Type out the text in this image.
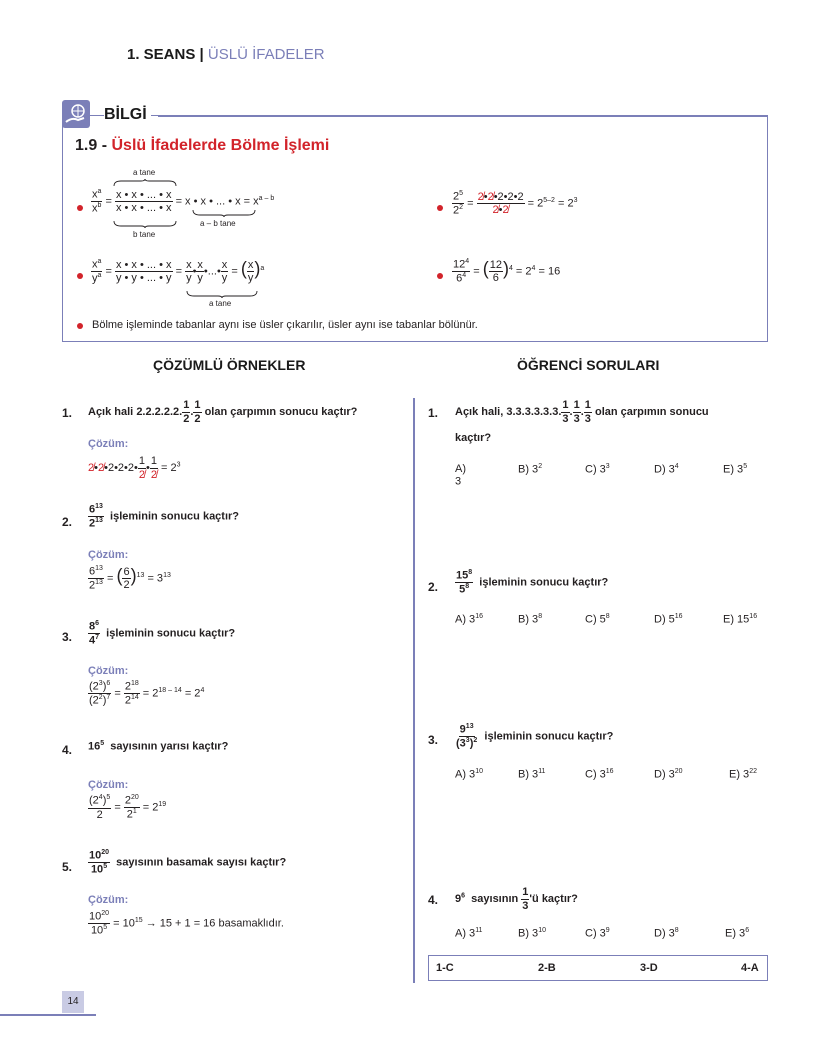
1. SEANS | ÜSLÜ İFADELER
BİLGİ
1.9 - Üslü İfadelerde Bölme İşlemi
a tane
$\frac{x^a}{x^b} = \frac{x • x • ... • x}{x • x • ... • x} = x$ • x • ... • $x = x^{a - b}$
a – b tane
b tane
$\frac{2^5}{2^2} = \frac{2̸•2̸•2•2•2}{2̸•2̸} = 2^{5-2} = 2^3$
$\frac{x^a}{y^a} = \frac{x • x • ... • x}{y • y • ... • y} = \frac{x}{y}$ • $\frac{x}{y}$ •...• $\frac{x}{y}$ = ( $\frac{x}{y} )^a$
a tane
$\frac{12^4}{6^4}$ = ( $\frac{12}{6} )^4 = 2^4 = 16$
Bölme işleminde tabanlar aynı ise üsler çıkarılır, üsler aynı ise tabanlar bölünür.
ÇÖZÜMLÜ ÖRNEKLER	ÖĞRENCİ SORULARI
1. Açık hali 2.2.2.2.2. $\frac{1}{2}$ . $\frac{1}{2}$ olan çarpımın sonucu kaçtır?
Çözüm:
2̸•2̸•2•2•2• $\frac{1}{2̸}$ • $\frac{1}{2̸} = 2^3$
2. $\frac{6^{13}}{2^{13}}$ işleminin sonucu kaçtır?
Çözüm:
$\frac{6^{13}}{2^{13}}$ = ( $\frac{6}{2} )^{13} = 3^{13}$
3. $\frac{8^6}{4^7}$ işleminin sonucu kaçtır?
Çözüm:
$\frac{(2^3)^6}{(2^2)^7} = \frac{2^{18}}{2^{14}} = 2^{18 - 14} = 2^4$
4. $16^5$ sayısının yarısı kaçtır?
Çözüm:
$\frac{(2^4)^5}{2} = \frac{2^{20}}{2^1} = 2^{19}$
5. $\frac{10^{20}}{10^5}$ sayısının basamak sayısı kaçtır?
Çözüm:
$\frac{10^{20}}{10^5} = 10^{15} \to 15 + 1 = 16$ basamaklıdır.
1. Açık hali, 3.3.3.3.3.3. $\frac{1}{3}$ . $\frac{1}{3}$ . $\frac{1}{3}$ olan çarpımın sonucu
kaçtır?
A) 3
B) $3^2$	C) $3^3$	D) $3^4$	E) $3^5$
2. $\frac{15^8}{5^8}$ işleminin sonucu kaçtır?
A) $3^{16}$	B) $3^8$	C) $5^8$	D) $5^{16}$	E) $15^{16}$
3. $\frac{9^{13}}{(3^3)^2}$ işleminin sonucu kaçtır?
A) $3^{10}$	B) $3^{11}$	C) $3^{16}$	D) $3^{20}$	E) $3^{22}$
4. $9^6$ sayısının $\frac{1}{3}$ 'ü kaçtır?
A) $3^{11}$	B) $3^{10}$	C) $3^9$	D) $3^8$	E) $3^6$
1-C	2-B	3-D	4-A
14
